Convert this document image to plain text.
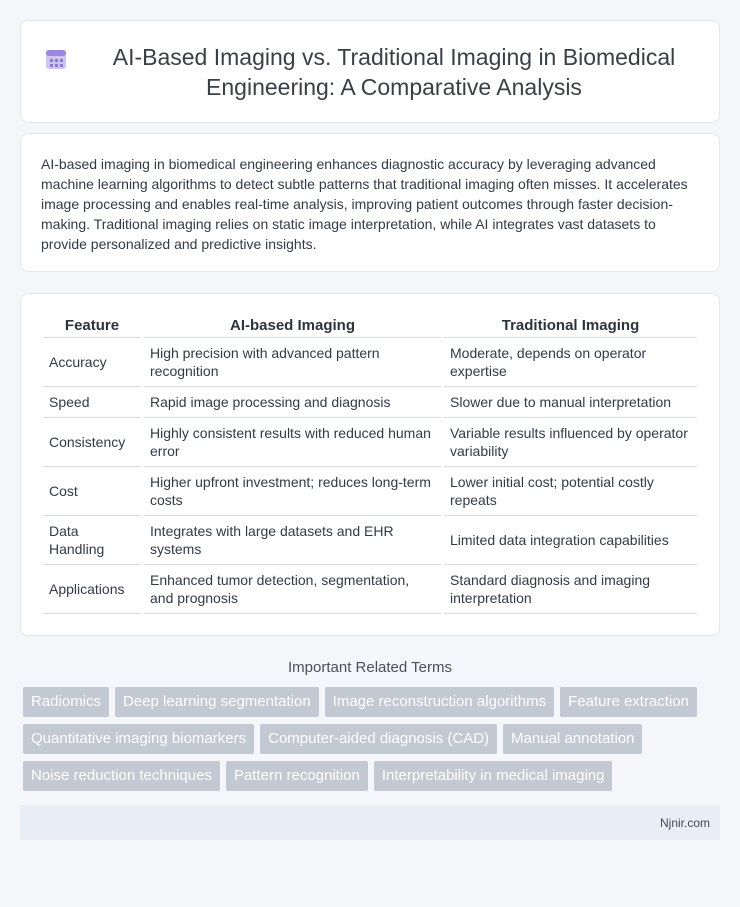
AI-Based Imaging vs. Traditional Imaging in Biomedical Engineering: A Comparative Analysis

AI-based imaging in biomedical engineering enhances diagnostic accuracy by leveraging advanced machine learning algorithms to detect subtle patterns that traditional imaging often misses. It accelerates image processing and enables real-time analysis, improving patient outcomes through faster decision-making. Traditional imaging relies on static image interpretation, while AI integrates vast datasets to provide personalized and predictive insights.

Feature	AI-based Imaging	Traditional Imaging
Accuracy	High precision with advanced pattern recognition	Moderate, depends on operator expertise
Speed	Rapid image processing and diagnosis	Slower due to manual interpretation
Consistency	Highly consistent results with reduced human error	Variable results influenced by operator variability
Cost	Higher upfront investment; reduces long-term costs	Lower initial cost; potential costly repeats
Data Handling	Integrates with large datasets and EHR systems	Limited data integration capabilities
Applications	Enhanced tumor detection, segmentation, and prognosis	Standard diagnosis and imaging interpretation
Important Related Terms
Radiomics	Deep learning segmentation	Image reconstruction algorithms	Feature extraction
Quantitative imaging biomarkers	Computer-aided diagnosis (CAD)	Manual annotation
Noise reduction techniques	Pattern recognition	Interpretability in medical imaging
Njnir.com
